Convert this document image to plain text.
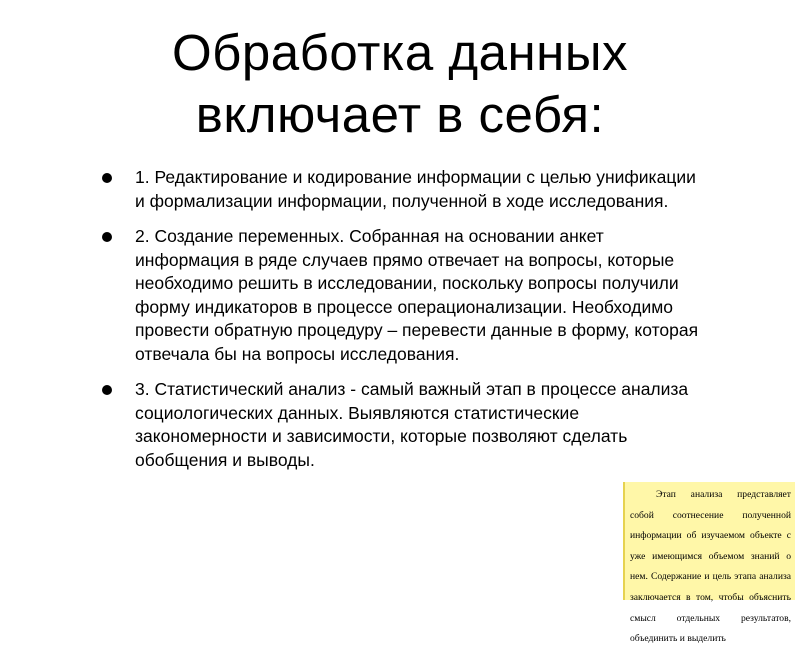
Обработка данных
включает в себя:
1. Редактирование и кодирование информации с целью унификации и формализации информации, полученной в ходе исследования.
2. Создание переменных. Собранная на основании анкет информация в ряде случаев прямо отвечает на вопросы, которые необходимо решить в исследовании, поскольку вопросы получили форму индикаторов в процессе операционализации. Необходимо провести обратную процедуру – перевести данные в форму, которая отвечала бы на вопросы исследования.
3. Статистический анализ - самый важный этап в процессе анализа социологических данных. Выявляются статистические закономерности и зависимости, которые позволяют сделать обобщения и выводы.
Этап анализа представляет собой соотнесение полученной информации об изучаемом объекте с уже имеющимся объемом знаний о нем. Содержание и цель этапа анализа заключается в том, чтобы объяснить смысл отдельных результатов, объединить и выделить
